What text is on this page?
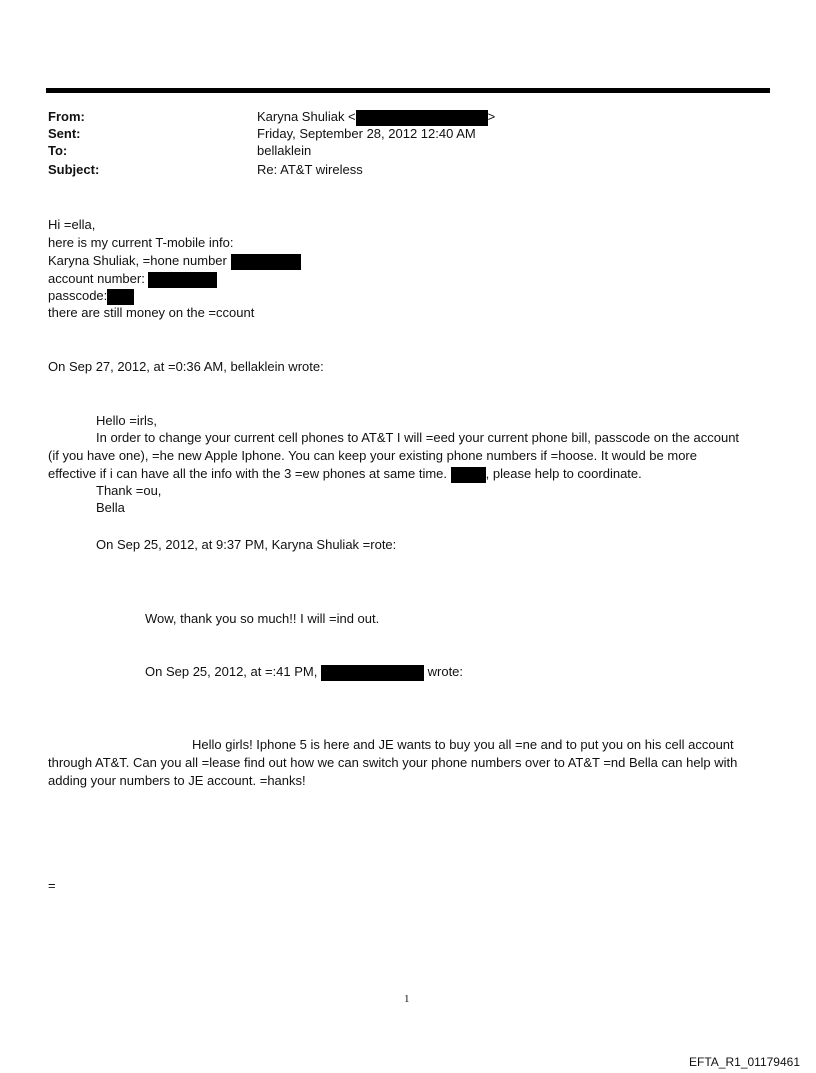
From:	Karyna Shuliak <	>
Sent:	Friday, September 28, 2012 12:40 AM
To:	bellaklein
Subject:	Re: AT&T wireless
Hi =ella,
here is my current T-mobile info:
Karyna Shuliak, =hone number
account number:
passcode:
there are still money on the =ccount
On Sep 27, 2012, at =0:36 AM, bellaklein wrote:
Hello =irls,
In order to change your current cell phones to AT&T I will =eed your current phone bill, passcode on the account
(if you have one), =he new Apple Iphone. You can keep your existing phone numbers if =hoose. It would be more
effective if i can have all the info with the 3 =ew phones at same time.	, please help to coordinate.
Thank =ou,
Bella
On Sep 25, 2012, at 9:37 PM, Karyna Shuliak =rote:
Wow, thank you so much!! I will =ind out.
On Sep 25, 2012, at =:41 PM,	wrote:
Hello girls! Iphone 5 is here and JE wants to buy you all =ne and to put you on his cell account
through AT&T. Can you all =lease find out how we can switch your phone numbers over to AT&T =nd Bella can help with
adding your numbers to JE account. =hanks!
=
1
EFTA_R1_01179461
